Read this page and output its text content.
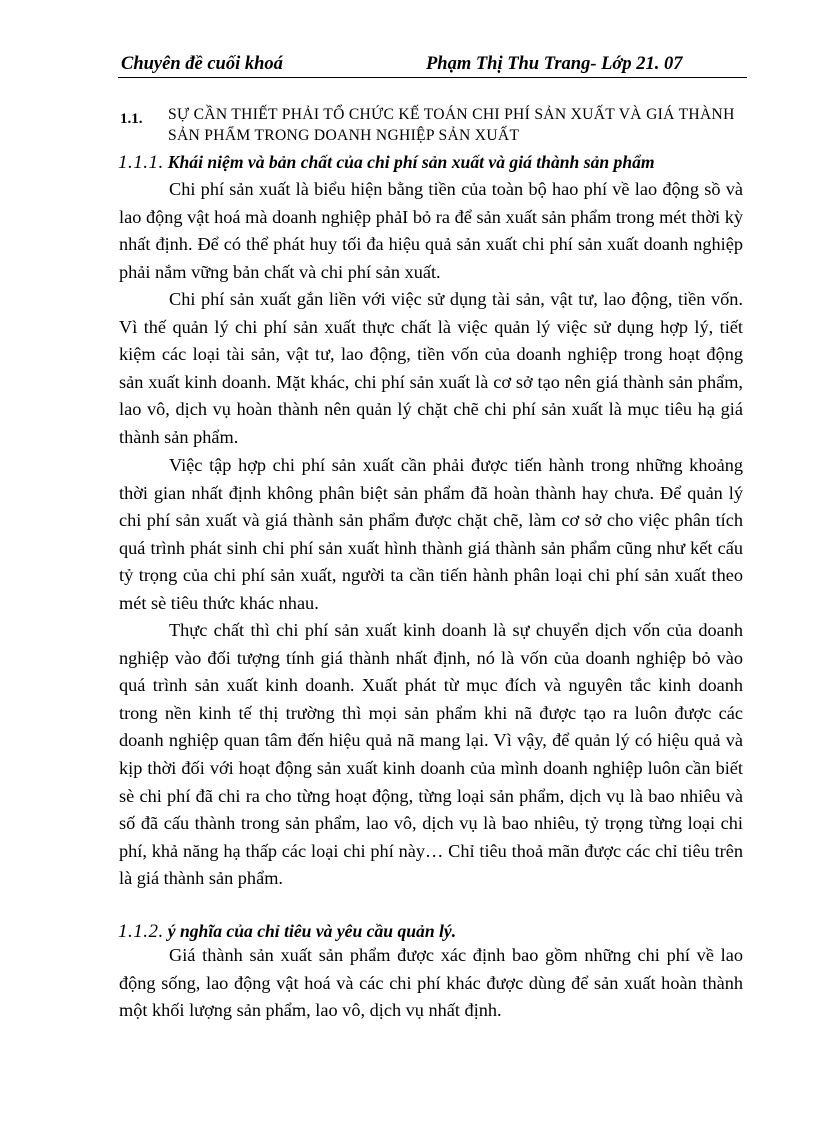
Chuyên đề cuối khoá	Phạm Thị Thu Trang- Lớp 21. 07
1.1. SỰ CẦN THIẾT PHẢI TỔ CHỨC KẾ TOÁN CHI PHÍ SẢN XUẤT VÀ GIÁ THÀNH SẢN PHẨM TRONG DOANH NGHIỆP SẢN XUẤT
1.1.1. Khái niệm và bản chất của chi phí sản xuất và giá thành sản phẩm

Chi phí sản xuất là biểu hiện bằng tiền của toàn bộ hao phí về lao động sồ và lao động vật hoá mà doanh nghiệp phảI bỏ ra để sản xuất sản phẩm trong mét thời kỳ nhất định. Để có thể phát huy tối đa hiệu quả sản xuất chi phí sản xuất doanh nghiệp phải nắm vững bản chất và chi phí sản xuất.

Chi phí sản xuất gắn liền với việc sử dụng tài sản, vật tư, lao động, tiền vốn. Vì thế quản lý chi phí sản xuất thực chất là việc quản lý việc sử dụng hợp lý, tiết kiệm các loại tài sản, vật tư, lao động, tiền vốn của doanh nghiệp trong hoạt động sản xuất kinh doanh. Mặt khác, chi phí sản xuất là cơ sở tạo nên giá thành sản phẩm, lao vô, dịch vụ hoàn thành nên quản lý chặt chẽ chi phí sản xuất là mục tiêu hạ giá thành sản phẩm.

Việc tập hợp chi phí sản xuất cần phải được tiến hành trong những khoảng thời gian nhất định không phân biệt sản phẩm đã hoàn thành hay chưa. Để quản lý chi phí sản xuất và giá thành sản phẩm được chặt chẽ, làm cơ sở cho việc phân tích quá trình phát sinh chi phí sản xuất hình thành giá thành sản phẩm cũng như kết cấu tỷ trọng của chi phí sản xuất, người ta cần tiến hành phân loại chi phí sản xuất theo mét sè tiêu thức khác nhau.

Thực chất thì chi phí sản xuất kinh doanh là sự chuyển dịch vốn của doanh nghiệp vào đối tượng tính giá thành nhất định, nó là vốn của doanh nghiệp bỏ vào quá trình sản xuất kinh doanh. Xuất phát từ mục đích và nguyên tắc kinh doanh trong nền kinh tế thị trường thì mọi sản phẩm khi nã được tạo ra luôn được các doanh nghiệp quan tâm đến hiệu quả nã mang lại. Vì vậy, để quản lý có hiệu quả và kịp thời đối với hoạt động sản xuất kinh doanh của mình doanh nghiệp luôn cần biết sè chi phí đã chi ra cho từng hoạt động, từng loại sản phẩm, dịch vụ là bao nhiêu và số đã cấu thành trong sản phẩm, lao vô, dịch vụ là bao nhiêu, tỷ trọng từng loại chi phí, khả năng hạ thấp các loại chi phí này… Chỉ tiêu thoả mãn được các chỉ tiêu trên là giá thành sản phẩm.

1.1.2. ý nghĩa của chỉ tiêu và yêu cầu quản lý.

Giá thành sản xuất sản phẩm được xác định bao gồm những chi phí về lao động sống, lao động vật hoá và các chi phí khác được dùng để sản xuất hoàn thành một khối lượng sản phẩm, lao vô, dịch vụ nhất định.
